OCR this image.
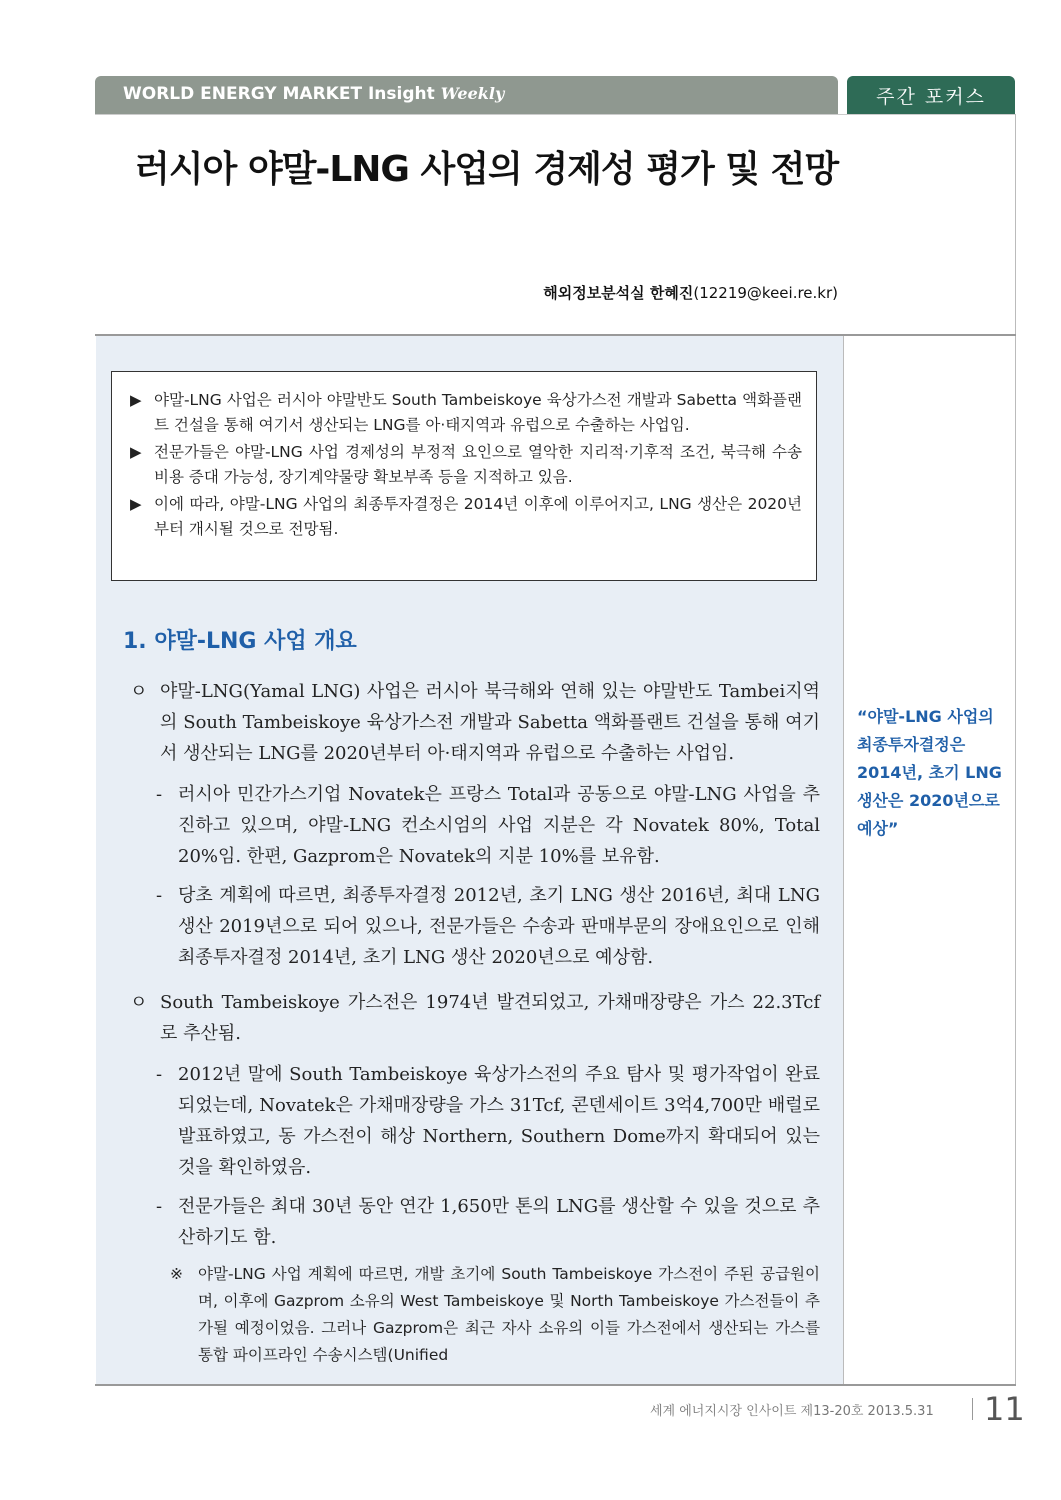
WORLD ENERGY MARKET Insight Weekly	주간 포커스
러시아 야말-LNG 사업의 경제성 평가 및 전망
해외정보분석실 한혜진(12219@keei.re.kr)
▶ 야말-LNG 사업은 러시아 야말반도 South Tambeiskoye 육상가스전 개발과 Sabetta 액화플랜트 건설을 통해 여기서 생산되는 LNG를 아·태지역과 유럽으로 수출하는 사업임.
▶ 전문가들은 야말-LNG 사업 경제성의 부정적 요인으로 열악한 지리적·기후적 조건, 북극해 수송비용 증대 가능성, 장기계약물량 확보부족 등을 지적하고 있음.
▶ 이에 따라, 야말-LNG 사업의 최종투자결정은 2014년 이후에 이루어지고, LNG 생산은 2020년부터 개시될 것으로 전망됨.
1. 야말-LNG 사업 개요
ㅇ 야말-LNG(Yamal LNG) 사업은 러시아 북극해와 연해 있는 야말반도 Tambei지역의 South Tambeiskoye 육상가스전 개발과 Sabetta 액화플랜트 건설을 통해 여기서 생산되는 LNG를 2020년부터 아·태지역과 유럽으로 수출하는 사업임.
- 러시아 민간가스기업 Novatek은 프랑스 Total과 공동으로 야말-LNG 사업을 추진하고 있으며, 야말-LNG 컨소시엄의 사업 지분은 각 Novatek 80%, Total 20%임. 한편, Gazprom은 Novatek의 지분 10%를 보유함.
- 당초 계획에 따르면, 최종투자결정 2012년, 초기 LNG 생산 2016년, 최대 LNG 생산 2019년으로 되어 있으나, 전문가들은 수송과 판매부문의 장애요인으로 인해 최종투자결정 2014년, 초기 LNG 생산 2020년으로 예상함.
ㅇ South Tambeiskoye 가스전은 1974년 발견되었고, 가채매장량은 가스 22.3Tcf로 추산됨.
- 2012년 말에 South Tambeiskoye 육상가스전의 주요 탐사 및 평가작업이 완료되었는데, Novatek은 가채매장량을 가스 31Tcf, 콘덴세이트 3억4,700만 배럴로 발표하였고, 동 가스전이 해상 Northern, Southern Dome까지 확대되어 있는 것을 확인하였음.
- 전문가들은 최대 30년 동안 연간 1,650만 톤의 LNG를 생산할 수 있을 것으로 추산하기도 함.
※ 야말-LNG 사업 계획에 따르면, 개발 초기에 South Tambeiskoye 가스전이 주된 공급원이며, 이후에 Gazprom 소유의 West Tambeiskoye 및 North Tambeiskoye 가스전들이 추가될 예정이었음. 그러나 Gazprom은 최근 자사 소유의 이들 가스전에서 생산되는 가스를 통합 파이프라인 수송시스템(Unified
“야말-LNG 사업의 최종투자결정은 2014년, 초기 LNG 생산은 2020년으로 예상”
세계 에너지시장 인사이트 제13-20호 2013.5.31 11
